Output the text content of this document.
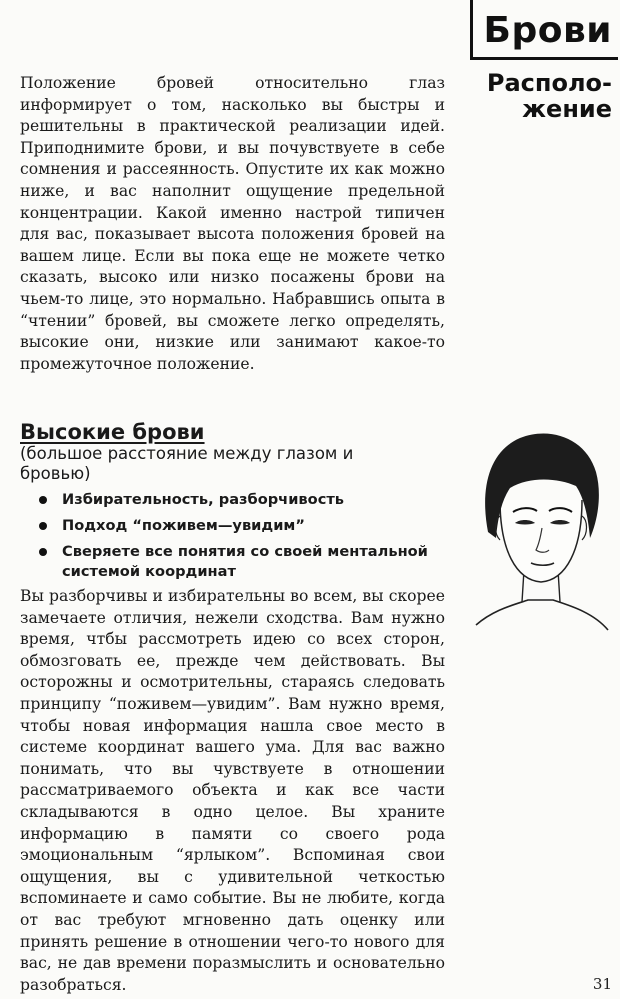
Брови
Располо-
жение

Положение бровей относительно глаз информирует о том, насколько вы быстры и решительны в практической реализации идей. Приподнимите брови, и вы почувствуете в себе сомнения и рассеянность. Опустите их как можно ниже, и вас наполнит ощущение предельной концентрации. Какой именно настрой типичен для вас, показывает высота положения бровей на вашем лице. Если вы пока еще не можете четко сказать, высоко или низко посажены брови на чьем-то лице, это нормально. Набравшись опыта в “чтении” бровей, вы сможете легко определять, высокие они, низкие или занимают какое-то промежуточное положение.

Высокие брови

(большое расстояние между глазом и бровью)

Избирательность, разборчивость
Подход “поживем—увидим”
Сверяете все понятия со своей ментальной системой координат

Вы разборчивы и избирательны во всем, вы скорее замечаете отличия, нежели сходства. Вам нужно время, чтбы рассмотреть идею со всех сторон, обмозговать ее, прежде чем действовать. Вы осторожны и осмотрительны, стараясь следовать принципу “поживем—увидим”. Вам нужно время, чтобы новая информация нашла свое место в системе координат вашего ума. Для вас важно понимать, что вы чувствуете в отношении рассматриваемого объекта и как все части складываются в одно целое. Вы храните информацию в памяти со своего рода эмоциональным “ярлыком”. Вспоминая свои ощущения, вы с удивительной четкостью вспоминаете и само событие. Вы не любите, когда от вас требуют мгновенно дать оценку или принять решение в отношении чего-то нового для вас, не дав времени поразмыслить и основательно разобраться.	31
